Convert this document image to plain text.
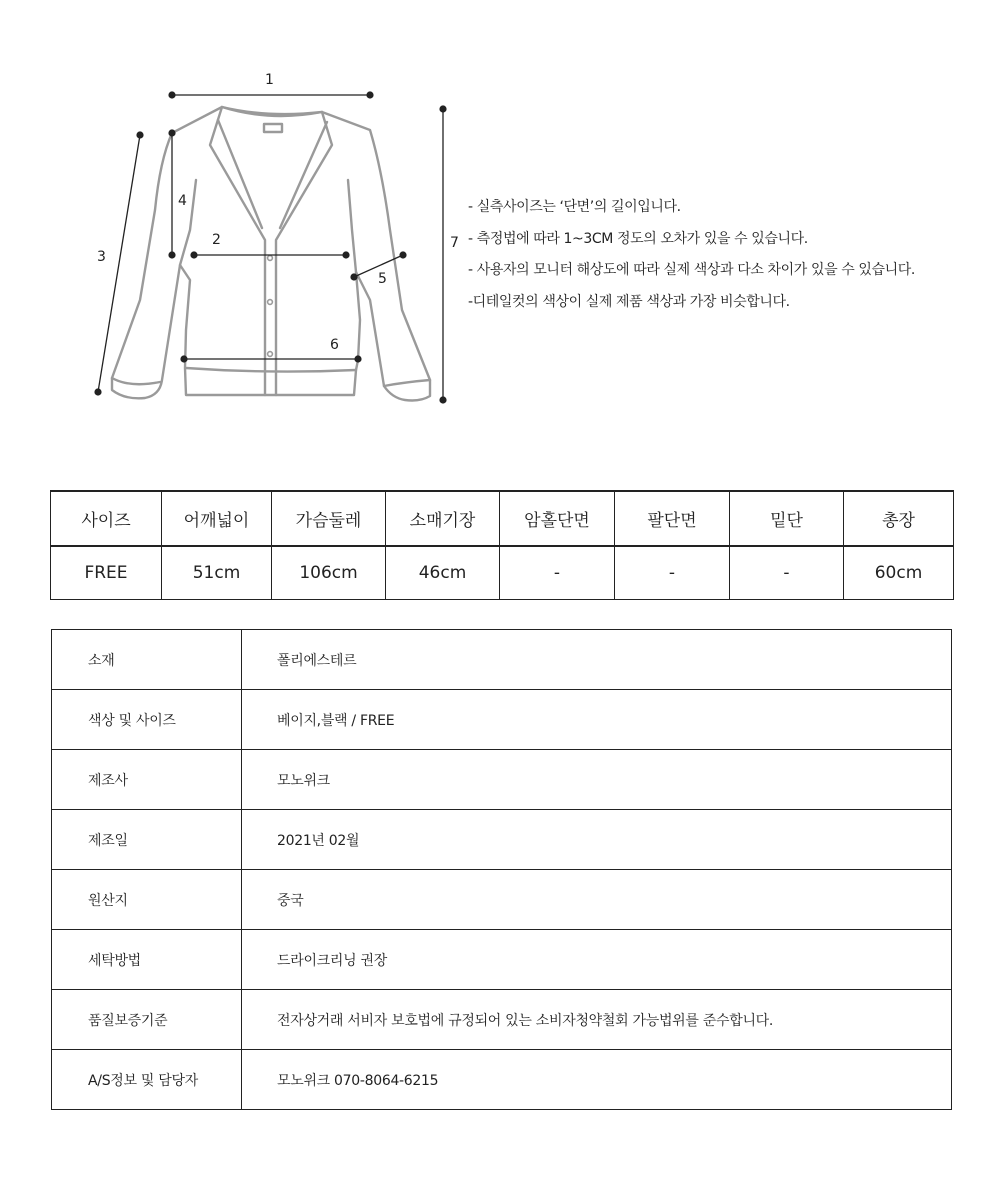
1
2
3
4
5
6
7
- 실측사이즈는 ‘단면’의 길이입니다.
- 측정법에 따라 1~3CM 정도의 오차가 있을 수 있습니다.
- 사용자의 모니터 해상도에 따라 실제 색상과 다소 차이가 있을 수 있습니다.
-디테일컷의 색상이 실제 제품 색상과 가장 비슷합니다.
사이즈	어깨넓이	가슴둘레	소매기장	암홀단면	팔단면	밑단	총장
FREE	51cm	106cm	46cm	-	-	-	60cm
소재	폴리에스테르
색상 및 사이즈	베이지,블랙 / FREE
제조사	모노위크
제조일	2021년 02월
원산지	중국
세탁방법	드라이크리닝 권장
품질보증기준	전자상거래 서비자 보호법에 규정되어 있는 소비자청약철회 가능법위를 준수합니다.
A/S정보 및 담당자	모노위크 070-8064-6215
